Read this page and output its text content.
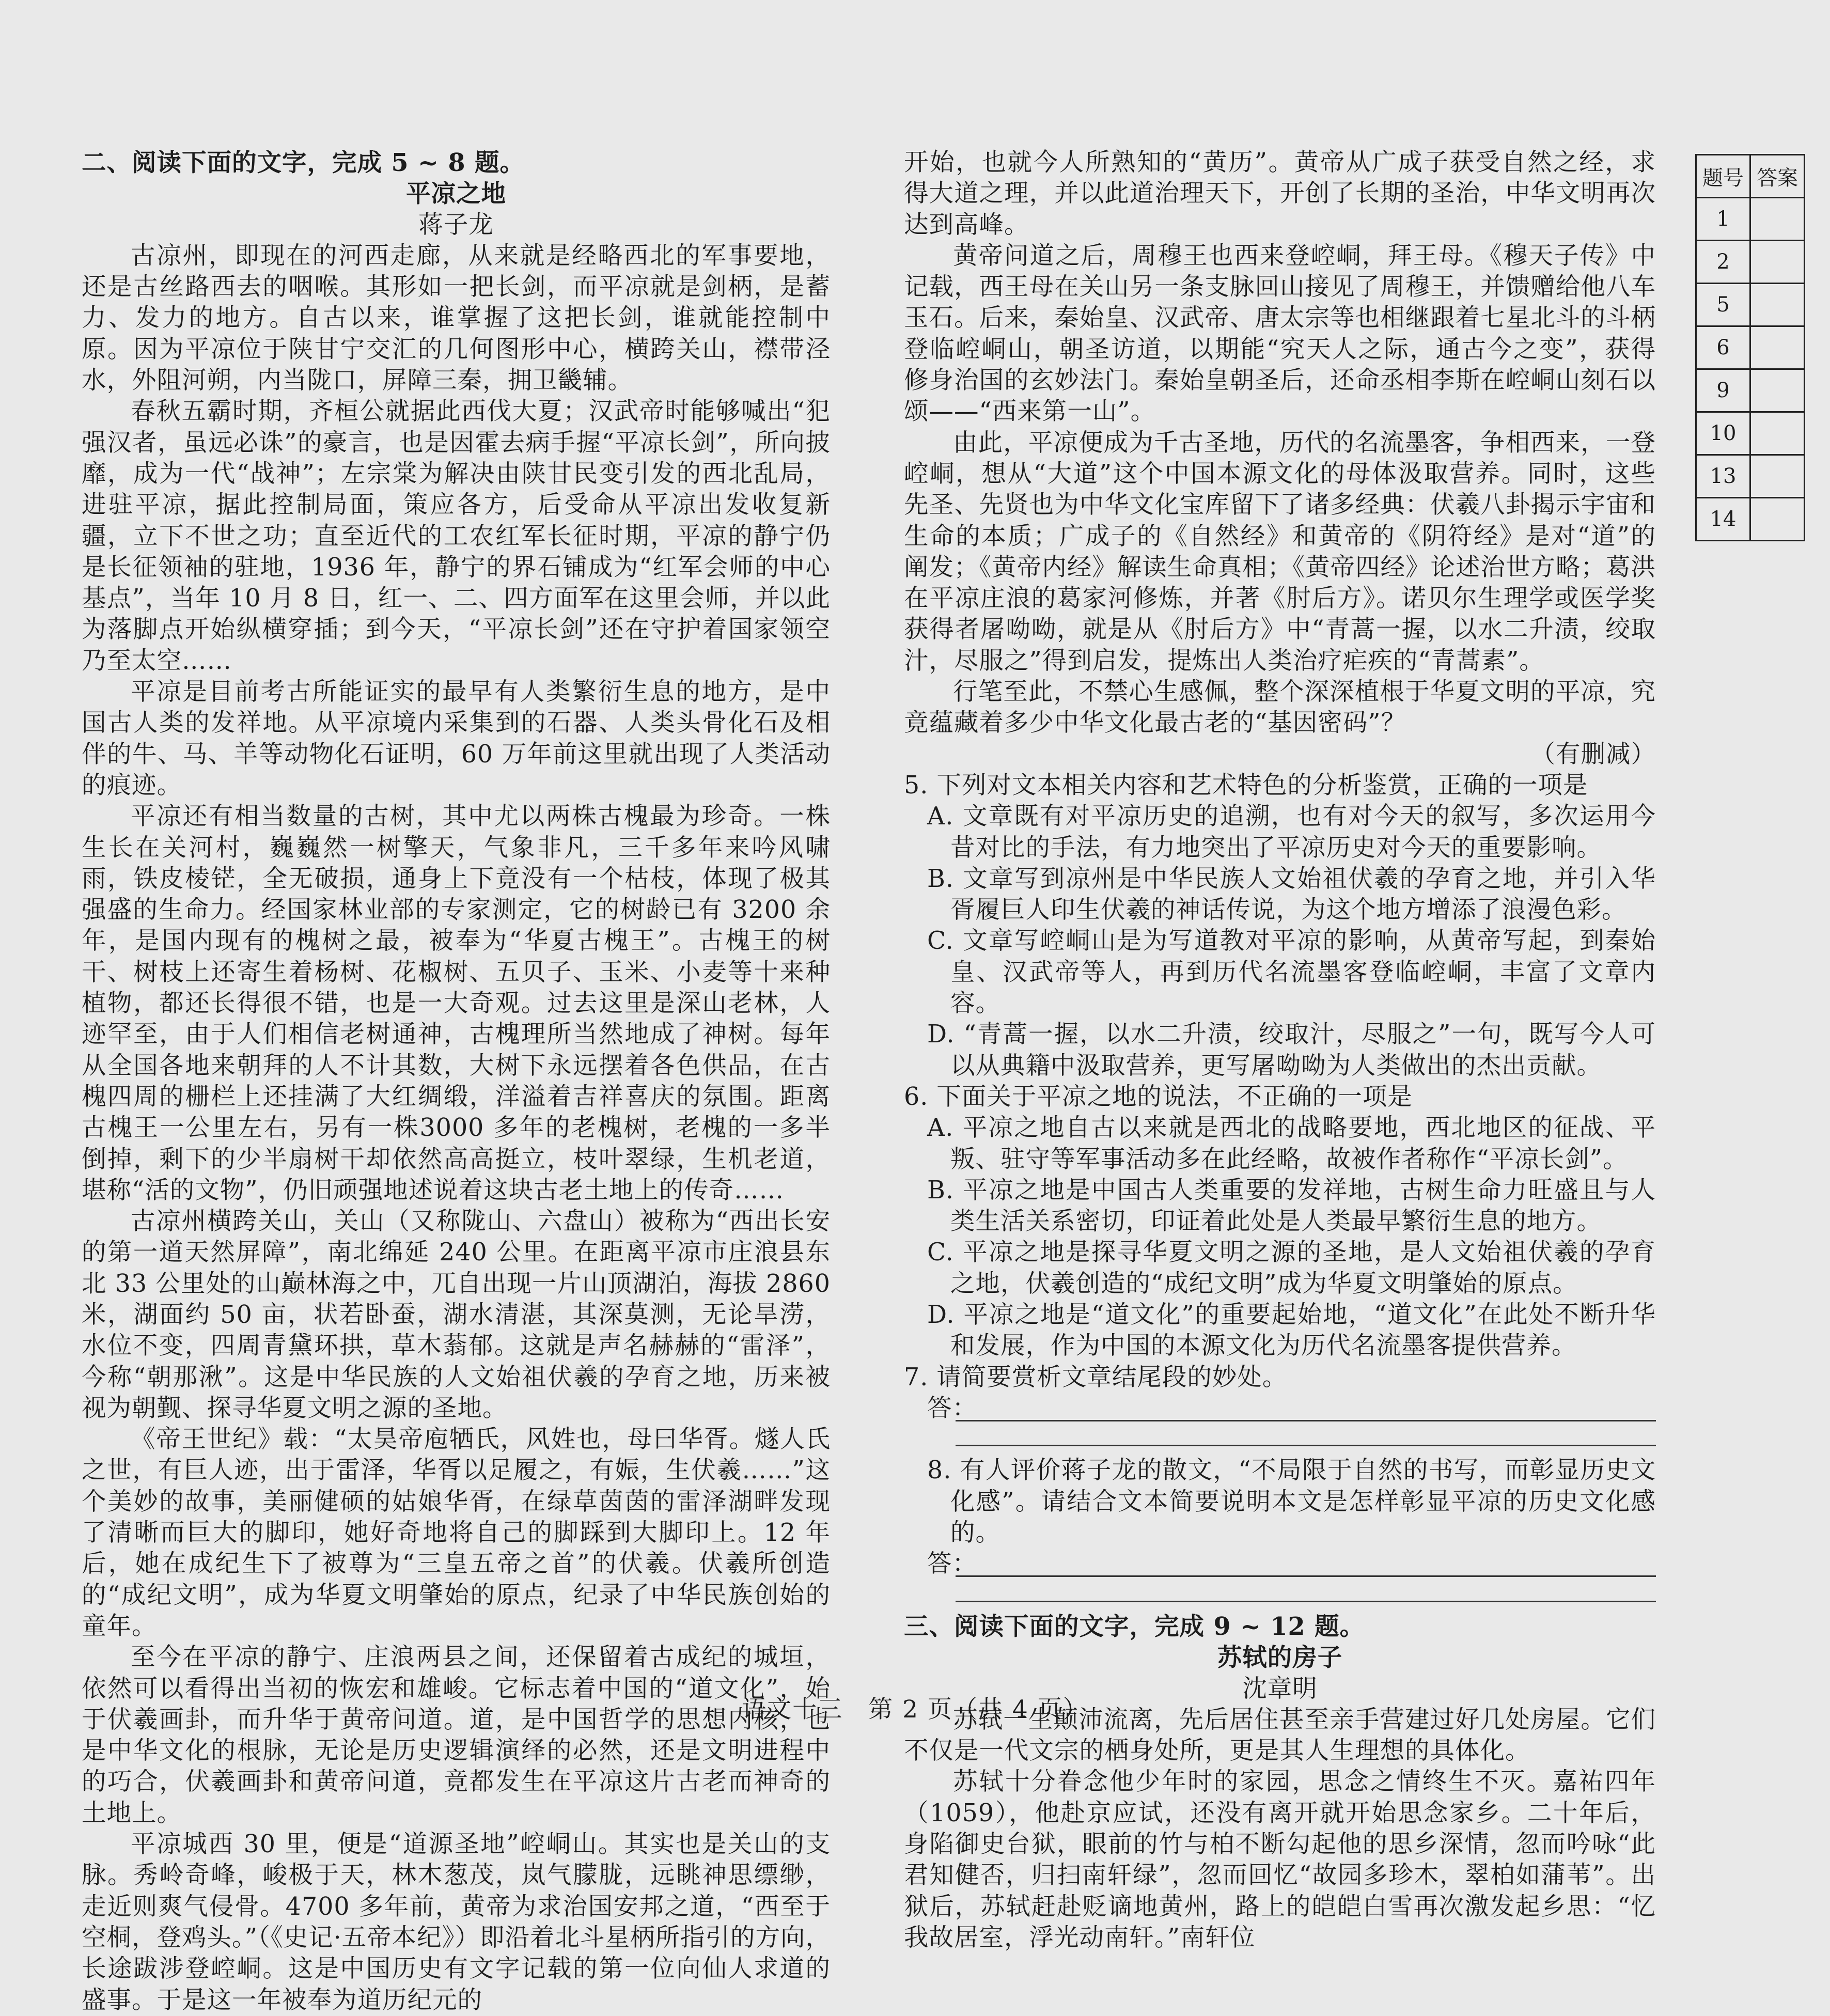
二、阅读下面的文字，完成 5 ~ 8 题。

平凉之地

蒋子龙

古凉州，即现在的河西走廊，从来就是经略西北的军事要地，还是古丝路西去的咽喉。其形如一把长剑，而平凉就是剑柄，是蓄力、发力的地方。自古以来，谁掌握了这把长剑，谁就能控制中原。因为平凉位于陕甘宁交汇的几何图形中心，横跨关山，襟带泾水，外阻河朔，内当陇口，屏障三秦，拥卫畿辅。

春秋五霸时期，齐桓公就据此西伐大夏；汉武帝时能够喊出“犯强汉者，虽远必诛”的豪言，也是因霍去病手握“平凉长剑”，所向披靡，成为一代“战神”；左宗棠为解决由陕甘民变引发的西北乱局，进驻平凉，据此控制局面，策应各方，后受命从平凉出发收复新疆，立下不世之功；直至近代的工农红军长征时期，平凉的静宁仍是长征领袖的驻地，1936 年，静宁的界石铺成为“红军会师的中心基点”，当年 10 月 8 日，红一、二、四方面军在这里会师，并以此为落脚点开始纵横穿插；到今天，“平凉长剑”还在守护着国家领空乃至太空……

平凉是目前考古所能证实的最早有人类繁衍生息的地方，是中国古人类的发祥地。从平凉境内采集到的石器、人类头骨化石及相伴的牛、马、羊等动物化石证明，60 万年前这里就出现了人类活动的痕迹。

平凉还有相当数量的古树，其中尤以两株古槐最为珍奇。一株生长在关河村，巍巍然一树擎天，气象非凡，三千多年来吟风啸雨，铁皮棱铓，全无破损，通身上下竟没有一个枯枝，体现了极其强盛的生命力。经国家林业部的专家测定，它的树龄已有 3200 余年，是国内现有的槐树之最，被奉为“华夏古槐王”。古槐王的树干、树枝上还寄生着杨树、花椒树、五贝子、玉米、小麦等十来种植物，都还长得很不错，也是一大奇观。过去这里是深山老林，人迹罕至，由于人们相信老树通神，古槐理所当然地成了神树。每年从全国各地来朝拜的人不计其数，大树下永远摆着各色供品，在古槐四周的栅栏上还挂满了大红绸缎，洋溢着吉祥喜庆的氛围。距离古槐王一公里左右，另有一株3000 多年的老槐树，老槐的一多半倒掉，剩下的少半扇树干却依然高高挺立，枝叶翠绿，生机老道，堪称“活的文物”，仍旧顽强地述说着这块古老土地上的传奇……

古凉州横跨关山，关山（又称陇山、六盘山）被称为“西出长安的第一道天然屏障”，南北绵延 240 公里。在距离平凉市庄浪县东北 33 公里处的山巅林海之中，兀自出现一片山顶湖泊，海拔 2860 米，湖面约 50 亩，状若卧蚕，湖水清湛，其深莫测，无论旱涝，水位不变，四周青黛环拱，草木蓊郁。这就是声名赫赫的“雷泽”，今称“朝那湫”。这是中华民族的人文始祖伏羲的孕育之地，历来被视为朝觐、探寻华夏文明之源的圣地。

《帝王世纪》载：“太昊帝庖牺氏，风姓也，母曰华胥。燧人氏之世，有巨人迹，出于雷泽，华胥以足履之，有娠，生伏羲……”这个美妙的故事，美丽健硕的姑娘华胥，在绿草茵茵的雷泽湖畔发现了清晰而巨大的脚印，她好奇地将自己的脚踩到大脚印上。12 年后，她在成纪生下了被尊为“三皇五帝之首”的伏羲。伏羲所创造的“成纪文明”，成为华夏文明肇始的原点，纪录了中华民族创始的童年。

至今在平凉的静宁、庄浪两县之间，还保留着古成纪的城垣，依然可以看得出当初的恢宏和雄峻。它标志着中国的“道文化”，始于伏羲画卦，而升华于黄帝问道。道，是中国哲学的思想内核，也是中华文化的根脉，无论是历史逻辑演绎的必然，还是文明进程中的巧合，伏羲画卦和黄帝问道，竟都发生在平凉这片古老而神奇的土地上。

平凉城西 30 里，便是“道源圣地”崆峒山。其实也是关山的支脉。秀岭奇峰，峻极于天，林木葱茂，岚气朦胧，远眺神思缥缈，走近则爽气侵骨。4700 多年前，黄帝为求治国安邦之道，“西至于空桐，登鸡头。”（《史记·五帝本纪》）即沿着北斗星柄所指引的方向，长途跋涉登崆峒。这是中国历史有文字记载的第一位向仙人求道的盛事。于是这一年被奉为道历纪元的

开始，也就今人所熟知的“黄历”。黄帝从广成子获受自然之经，求得大道之理，并以此道治理天下，开创了长期的圣治，中华文明再次达到高峰。

黄帝问道之后，周穆王也西来登崆峒，拜王母。《穆天子传》中记载，西王母在关山另一条支脉回山接见了周穆王，并馈赠给他八车玉石。后来，秦始皇、汉武帝、唐太宗等也相继跟着七星北斗的斗柄登临崆峒山，朝圣访道，以期能“究天人之际，通古今之变”，获得修身治国的玄妙法门。秦始皇朝圣后，还命丞相李斯在崆峒山刻石以颂——“西来第一山”。

由此，平凉便成为千古圣地，历代的名流墨客，争相西来，一登崆峒，想从“大道”这个中国本源文化的母体汲取营养。同时，这些先圣、先贤也为中华文化宝库留下了诸多经典：伏羲八卦揭示宇宙和生命的本质；广成子的《自然经》和黄帝的《阴符经》是对“道”的阐发；《黄帝内经》解读生命真相；《黄帝四经》论述治世方略；葛洪在平凉庄浪的葛家河修炼，并著《肘后方》。诺贝尔生理学或医学奖获得者屠呦呦，就是从《肘后方》中“青蒿一握，以水二升渍，绞取汁，尽服之”得到启发，提炼出人类治疗疟疾的“青蒿素”。

行笔至此，不禁心生感佩，整个深深植根于华夏文明的平凉，究竟蕴藏着多少中华文化最古老的“基因密码”？

（有删减）

5. 下列对文本相关内容和艺术特色的分析鉴赏，正确的一项是

A. 文章既有对平凉历史的追溯，也有对今天的叙写，多次运用今昔对比的手法，有力地突出了平凉历史对今天的重要影响。

B. 文章写到凉州是中华民族人文始祖伏羲的孕育之地，并引入华胥履巨人印生伏羲的神话传说，为这个地方增添了浪漫色彩。

C. 文章写崆峒山是为写道教对平凉的影响，从黄帝写起，到秦始皇、汉武帝等人，再到历代名流墨客登临崆峒，丰富了文章内容。

D. “青蒿一握，以水二升渍，绞取汁，尽服之”一句，既写今人可以从典籍中汲取营养，更写屠呦呦为人类做出的杰出贡献。

6. 下面关于平凉之地的说法，不正确的一项是

A. 平凉之地自古以来就是西北的战略要地，西北地区的征战、平叛、驻守等军事活动多在此经略，故被作者称作“平凉长剑”。

B. 平凉之地是中国古人类重要的发祥地，古树生命力旺盛且与人类生活关系密切，印证着此处是人类最早繁衍生息的地方。

C. 平凉之地是探寻华夏文明之源的圣地，是人文始祖伏羲的孕育之地，伏羲创造的“成纪文明”成为华夏文明肇始的原点。

D. 平凉之地是“道文化”的重要起始地，“道文化”在此处不断升华和发展，作为中国的本源文化为历代名流墨客提供营养。

7. 请简要赏析文章结尾段的妙处。

答：

8. 有人评价蒋子龙的散文，“不局限于自然的书写，而彰显历史文化感”。请结合文本简要说明本文是怎样彰显平凉的历史文化感的。

答：

三、阅读下面的文字，完成 9 ~ 12 题。

苏轼的房子

沈章明

苏轼一生颠沛流离，先后居住甚至亲手营建过好几处房屋。它们不仅是一代文宗的栖身处所，更是其人生理想的具体化。

苏轼十分眷念他少年时的家园，思念之情终生不灭。嘉祐四年（1059），他赴京应试，还没有离开就开始思念家乡。二十年后，身陷御史台狱，眼前的竹与柏不断勾起他的思乡深情，忽而吟咏“此君知健否，归扫南轩绿”，忽而回忆“故园多珍木，翠柏如蒲苇”。出狱后，苏轼赶赴贬谪地黄州，路上的皑皑白雪再次激发起乡思：“忆我故居室，浮光动南轩。”南轩位

题号	答案
1	
2	
5	
6	
9	
10	
13	
14	
语文十三　第 2 页（共 4 页）
